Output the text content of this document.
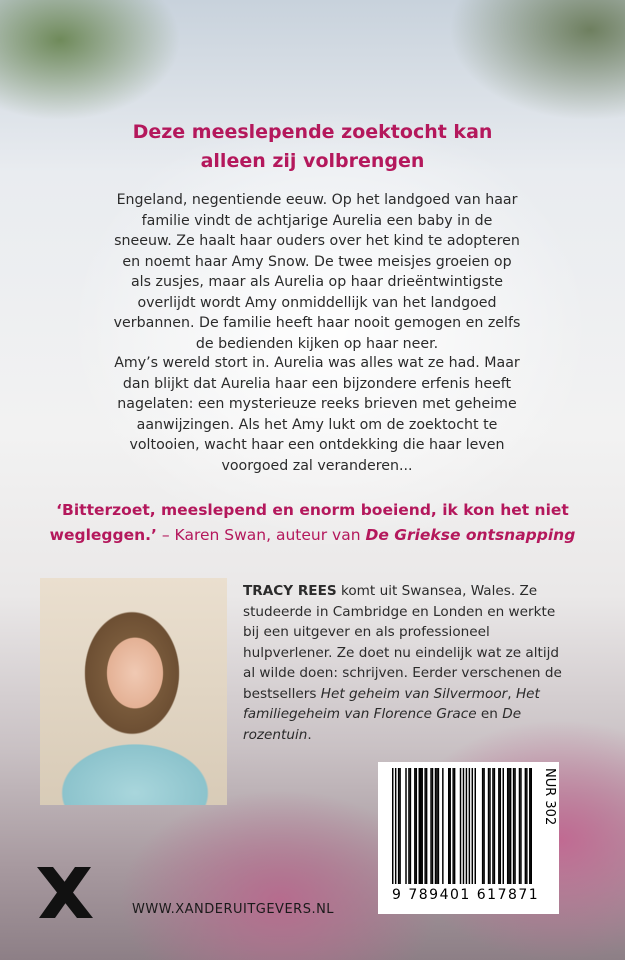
Deze meeslepende zoektocht kan
alleen zij volbrengen

Engeland, negentiende eeuw. Op het landgoed van haar familie vindt de achtjarige Aurelia een baby in de sneeuw. Ze haalt haar ouders over het kind te adopteren en noemt haar Amy Snow. De twee meisjes groeien op als zusjes, maar als Aurelia op haar drieëntwintigste overlijdt wordt Amy onmiddellijk van het landgoed verbannen. De familie heeft haar nooit gemogen en zelfs de bedienden kijken op haar neer.

Amy’s wereld stort in. Aurelia was alles wat ze had. Maar dan blijkt dat Aurelia haar een bijzondere erfenis heeft nagelaten: een mysterieuze reeks brieven met geheime aanwijzingen. Als het Amy lukt om de zoektocht te voltooien, wacht haar een ontdekking die haar leven voorgoed zal veranderen...

‘Bitterzoet, meeslepend en enorm boeiend, ik kon het niet wegleggen.’ – Karen Swan, auteur van De Griekse ontsnapping

TRACY REES komt uit Swansea, Wales. Ze studeerde in Cambridge en Londen en werkte bij een uitgever en als professioneel hulpverlener. Ze doet nu eindelijk wat ze altijd al wilde doen: schrijven. Eerder verschenen de bestsellers Het geheim van Silvermoor, Het familiegeheim van Florence Grace en De rozentuin.

9 789401 617871
NUR 302
WWW.XANDERUITGEVERS.NL
